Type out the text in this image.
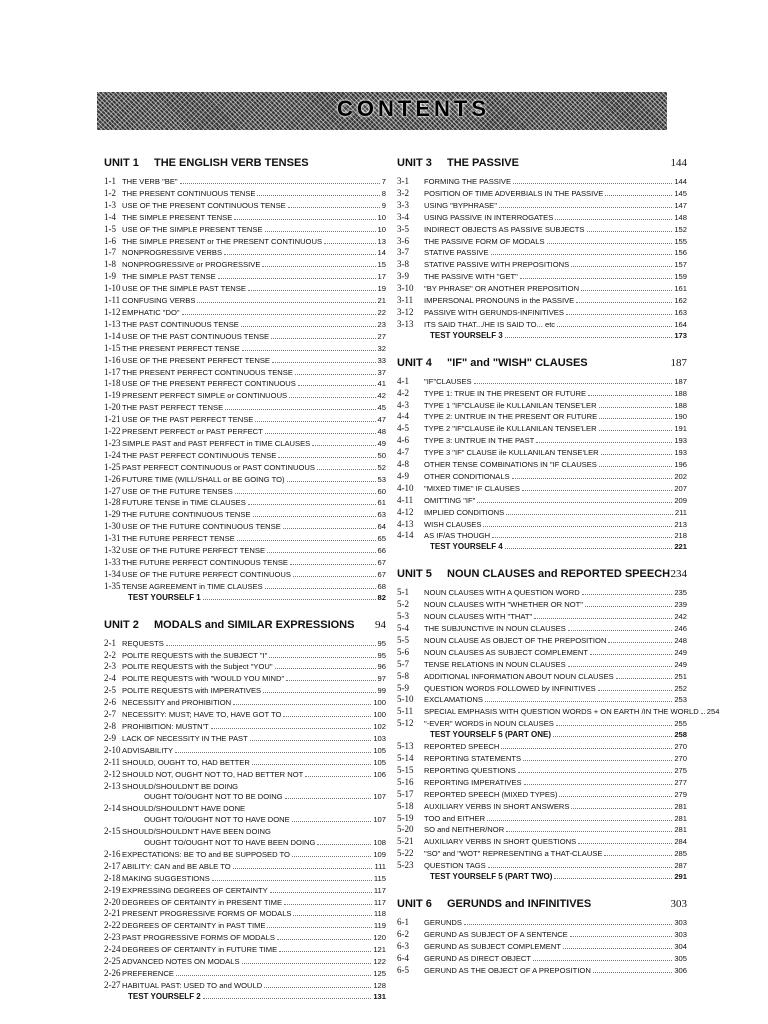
CONTENTS
UNIT 1	THE ENGLISH VERB TENSES
1-1 THE VERB "BE"	7
1-2 THE PRESENT CONTINUOUS TENSE	8
1-3 USE OF THE PRESENT CONTINUOUS TENSE	9
1-4 THE SIMPLE PRESENT TENSE	10
1-5 USE OF THE SIMPLE PRESENT TENSE	10
1-6 THE SIMPLE PRESENT or THE PRESENT CONTINUOUS	13
1-7 NONPROGRESSIVE VERBS	14
1-8 NONPROGRESSIVE or PROGRESSIVE	15
1-9 THE SIMPLE PAST TENSE	17
1-10 USE OF THE SIMPLE PAST TENSE	19
1-11 CONFUSING VERBS	21
1-12 EMPHATIC "DO"	22
1-13 THE PAST CONTINUOUS TENSE	23
1-14 USE OF THE PAST CONTINUOUS TENSE	27
1-15 THE PRESENT PERFECT TENSE	32
1-16 USE OF THE PRESENT PERFECT TENSE	33
1-17 THE PRESENT PERFECT CONTINUOUS TENSE	37
1-18 USE OF THE PRESENT PERFECT CONTINUOUS	41
1-19 PRESENT PERFECT SIMPLE or CONTINUOUS	42
1-20 THE PAST PERFECT TENSE	45
1-21 USE OF THE PAST PERFECT TENSE	47
1-22 PRESENT PERFECT or PAST PERFECT	48
1-23 SIMPLE PAST and PAST PERFECT in TIME CLAUSES	49
1-24 THE PAST PERFECT CONTINUOUS TENSE	50
1-25 PAST PERFECT CONTINUOUS or PAST CONTINUOUS	52
1-26 FUTURE TIME (WILL/SHALL or BE GOING TO)	53
1-27 USE OF THE FUTURE TENSES	60
1-28 FUTURE TENSE in TIME CLAUSES	61
1-29 THE FUTURE CONTINUOUS TENSE	63
1-30 USE OF THE FUTURE CONTINUOUS TENSE	64
1-31 THE FUTURE PERFECT TENSE	65
1-32 USE OF THE FUTURE PERFECT TENSE	66
1-33 THE FUTURE PERFECT CONTINUOUS TENSE	67
1-34 USE OF THE FUTURE PERFECT CONTINUOUS	67
1-35 TENSE AGREEMENT in TIME CLAUSES	68
TEST YOURSELF 1	82
UNIT 2	MODALS and SIMILAR EXPRESSIONS	94
2-1 REQUESTS	95
2-2 POLITE REQUESTS with the SUBJECT "I"	95
2-3 POLITE REQUESTS with the Subject "YOU"	96
2-4 POLITE REQUESTS with "WOULD YOU MIND"	97
2-5 POLITE REQUESTS with IMPERATIVES	99
2-6 NECESSITY and PROHIBITION	100
2-7 NECESSITY: MUST; HAVE TO, HAVE GOT TO	100
2-8 PROHIBITION: MUSTN'T	102
2-9 LACK OF NECESSITY IN THE PAST	103
2-10 ADVISABILITY	105
2-11 SHOULD, OUGHT TO, HAD BETTER	105
2-12 SHOULD NOT, OUGHT NOT TO, HAD BETTER NOT	106
2-13 SHOULD/SHOULDN'T BE DOING
OUGHT TO/OUGHT NOT TO BE DOING	107
2-14 SHOULD/SHOULDN'T HAVE DONE
OUGHT TO/OUGHT NOT TO HAVE DONE	107
2-15 SHOULD/SHOULDN'T HAVE BEEN DOING
OUGHT TO/OUGHT NOT TO HAVE BEEN DOING	108
2-16 EXPECTATIONS: BE TO and BE SUPPOSED TO	109
2-17 ABILITY: CAN and BE ABLE TO	111
2-18 MAKING SUGGESTIONS	115
2-19 EXPRESSING DEGREES OF CERTAINTY	117
2-20 DEGREES OF CERTAINTY in PRESENT TIME	117
2-21 PRESENT PROGRESSIVE FORMS OF MODALS	118
2-22 DEGREES OF CERTAINTY in PAST TIME	119
2-23 PAST PROGRESSIVE FORMS OF MODALS	120
2-24 DEGREES OF CERTAINTY in FUTURE TIME	121
2-25 ADVANCED NOTES ON MODALS	122
2-26 PREFERENCE	125
2-27 HABITUAL PAST: USED TO and WOULD	128
TEST YOURSELF 2	131
UNIT 3	THE PASSIVE	144
3-1	FORMING THE PASSIVE	144
3-2	POSITION OF TIME ADVERBIALS IN THE PASSIVE	145
3-3	USING "BYPHRASE"	147
3-4	USING PASSIVE IN INTERROGATES	148
3-5	INDIRECT OBJECTS AS PASSIVE SUBJECTS	152
3-6	THE PASSIVE FORM OF MODALS	155
3-7	STATIVE PASSIVE	156
3-8	STATIVE PASSIVE WITH PREPOSITIONS	157
3-9	THE PASSIVE WITH "GET"	159
3-10	"BY PHRASE" OR ANOTHER PREPOSITION	161
3-11	IMPERSONAL PRONOUNS in the PASSIVE	162
3-12	PASSIVE WITH GERUNDS-INFINITIVES	163
3-13	ITS SAID THAT.../HE IS SAID TO... etc	164
TEST YOURSELF 3	173
UNIT 4	"IF" and "WISH" CLAUSES	187
4-1	"IF"CLAUSES	187
4-2	TYPE 1: TRUE IN THE PRESENT OR FUTURE	188
4-3	TYPE 1 "IF"CLAUSE ile KULLANILAN TENSE'LER	188
4-4	TYPE 2: UNTRUE IN THE PRESENT OR FUTURE	190
4-5	TYPE 2 "IF"CLAUSE ile KULLANILAN TENSE'LER	191
4-6	TYPE 3: UNTRUE IN THE PAST	193
4-7	TYPE 3 "IF" CLAUSE ile KULLANILAN TENSE'LER	193
4-8	OTHER TENSE COMBINATIONS IN "IF CLAUSES	196
4-9	OTHER CONDITIONALS	202
4-10	"MIXED TIME" IF CLAUSES	207
4-11	OMITTING "IF"	209
4-12	IMPLIED CONDITIONS	211
4-13	WISH CLAUSES	213
4-14	AS IF/AS THOUGH	218
TEST YOURSELF 4	221
UNIT 5	NOUN CLAUSES and REPORTED SPEECH 234
5-1	NOUN CLAUSES WITH A QUESTION WORD	235
5-2	NOUN CLAUSES WITH "WHETHER OR NOT"	239
5-3	NOUN CLAUSES WITH "THAT"	242
5-4	THE SUBJUNCTIVE IN NOUN CLAUSES	246
5-5	NOUN CLAUSE AS OBJECT OF THE PREPOSITION	248
5-6	NOUN CLAUSES AS SUBJECT COMPLEMENT	249
5-7	TENSE RELATIONS IN NOUN CLAUSES	249
5-8	ADDITIONAL INFORMATION ABOUT NOUN CLAUSES	251
5-9	QUESTION WORDS FOLLOWED by INFINITIVES	252
5-10	EXCLAMATIONS	253
5-11	SPECIAL EMPHASIS WITH QUESTION WORDS + ON EARTH /IN THE WORLD 254
5-12	"-EVER" WORDS in NOUN CLAUSES	255
TEST YOURSELF 5 (PART ONE)	258
5-13	REPORTED SPEECH	270
5-14	REPORTING STATEMENTS	270
5-15	REPORTING QUESTIONS	275
5-16	REPORTING IMPERATIVES	277
5-17	REPORTED SPEECH (MIXED TYPES)	279
5-18	AUXILIARY VERBS IN SHORT ANSWERS	281
5-19	TOO and EITHER	281
5-20	SO and NEITHER/NOR	281
5-21	AUXILIARY VERBS IN SHORT QUESTIONS	284
5-22	"SO" and "WOT" REPRESENTING a THAT-CLAUSE	285
5-23	QUESTION TAGS	287
TEST YOURSELF 5 (PART TWO)	291
UNIT 6	GERUNDS and INFINITIVES	303
6-1	GERUNDS	303
6-2	GERUND AS SUBJECT OF A SENTENCE	303
6-3	GERUND AS SUBJECT COMPLEMENT	304
6-4	GERUND AS DIRECT OBJECT	305
6-5	GERUND AS THE OBJECT OF A PREPOSITION	306
